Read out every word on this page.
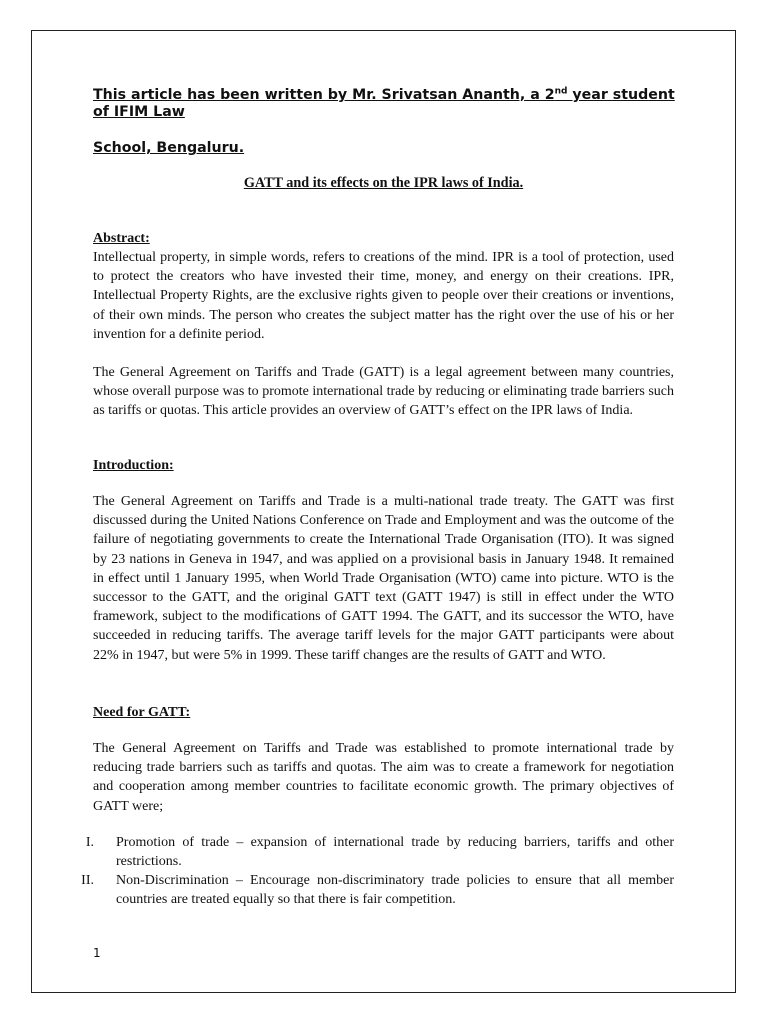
This article has been written by Mr. Srivatsan Ananth, a 2nd year student of IFIM Law
School, Bengaluru.
GATT and its effects on the IPR laws of India.
Abstract:

Intellectual property, in simple words, refers to creations of the mind. IPR is a tool of protection, used to protect the creators who have invested their time, money, and energy on their creations. IPR, Intellectual Property Rights, are the exclusive rights given to people over their creations or inventions, of their own minds. The person who creates the subject matter has the right over the use of his or her invention for a definite period.

The General Agreement on Tariffs and Trade (GATT) is a legal agreement between many countries, whose overall purpose was to promote international trade by reducing or eliminating trade barriers such as tariffs or quotas. This article provides an overview of GATT’s effect on the IPR laws of India.

Introduction:

The General Agreement on Tariffs and Trade is a multi-national trade treaty. The GATT was first discussed during the United Nations Conference on Trade and Employment and was the outcome of the failure of negotiating governments to create the International Trade Organisation (ITO). It was signed by 23 nations in Geneva in 1947, and was applied on a provisional basis in January 1948. It remained in effect until 1 January 1995, when World Trade Organisation (WTO) came into picture. WTO is the successor to the GATT, and the original GATT text (GATT 1947) is still in effect under the WTO framework, subject to the modifications of GATT 1994. The GATT, and its successor the WTO, have succeeded in reducing tariffs. The average tariff levels for the major GATT participants were about 22% in 1947, but were 5% in 1999. These tariff changes are the results of GATT and WTO.

Need for GATT:

The General Agreement on Tariffs and Trade was established to promote international trade by reducing trade barriers such as tariffs and quotas. The aim was to create a framework for negotiation and cooperation among member countries to facilitate economic growth. The primary objectives of GATT were;

I. Promotion of trade – expansion of international trade by reducing barriers, tariffs and other restrictions.
II. Non-Discrimination – Encourage non-discriminatory trade policies to ensure that all member countries are treated equally so that there is fair competition.
1
